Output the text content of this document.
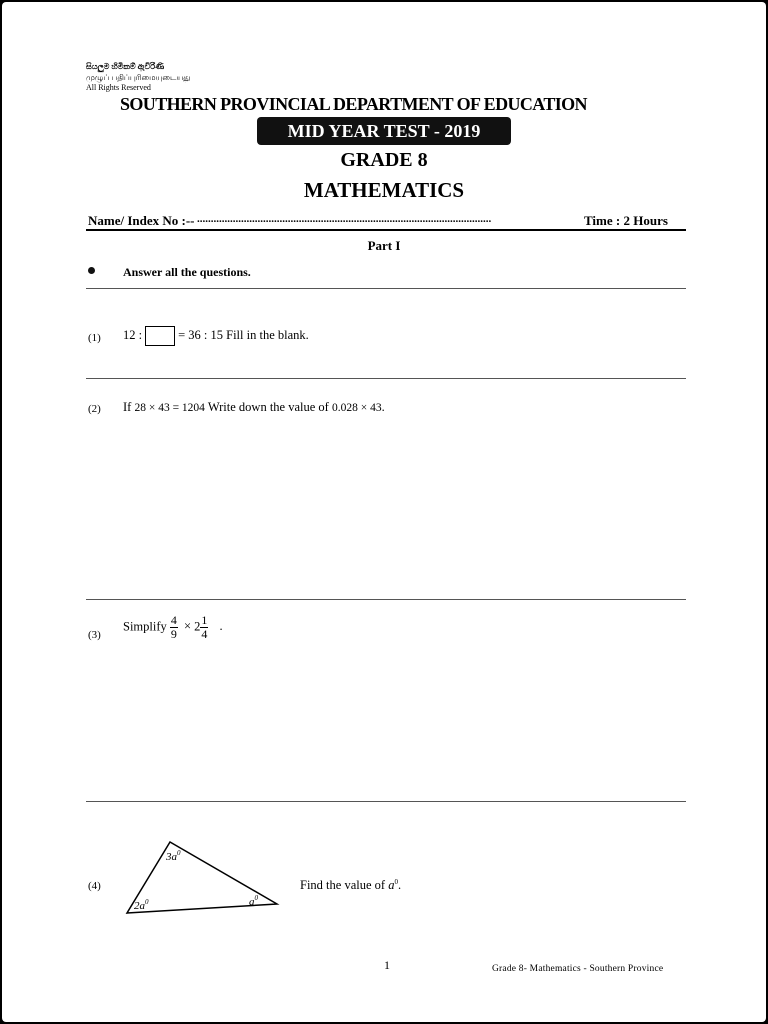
සියලුම හිමිකම් ඇවිරිණි
முழுப் பதிப்புரிமையுடையது
All Rights Reserved
SOUTHERN PROVINCIAL DEPARTMENT OF EDUCATION
MID YEAR TEST - 2019
GRADE 8
MATHEMATICS
Name/ Index No :-- ...........................................................................................................	Time : 2 Hours
Part I
Answer all the questions.
(1) 12 :	= 36 : 15 Fill in the blank.
(2) If 28 × 43 = 1204 Write down the value of 0.028 × 43.
(3)
Simplify $\frac{4}{9} \times 2 \frac{1}{4}$ .
(4)
$3a^0$
$2a^0$	$a^0$
Find the value of $a^0$.
1	Grade 8- Mathematics - Southern Province
